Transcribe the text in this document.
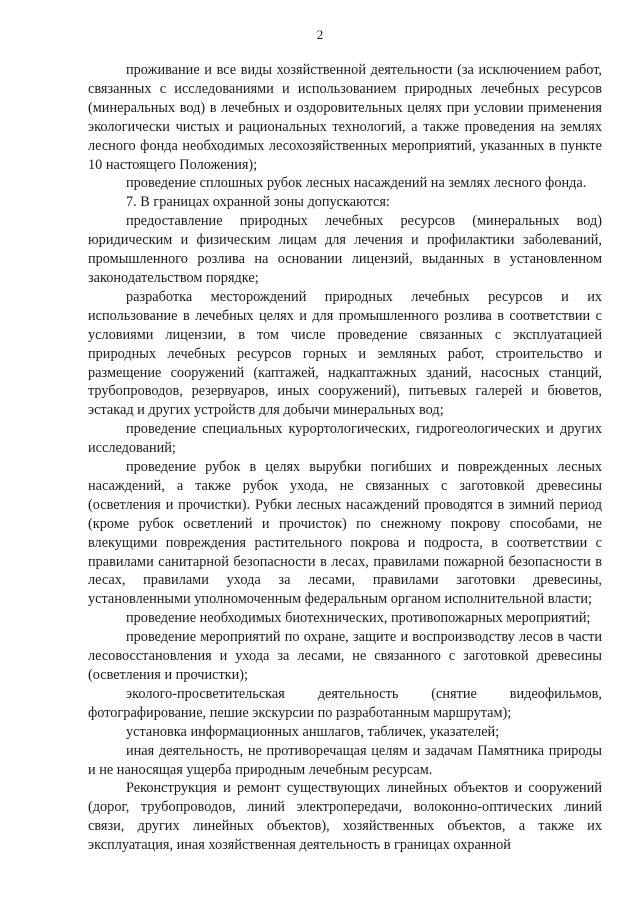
2

проживание и все виды хозяйственной деятельности (за исключением работ, связанных с исследованиями и использованием природных лечебных ресурсов (минеральных вод) в лечебных и оздоровительных целях при условии применения экологически чистых и рациональных технологий, а также проведения на землях лесного фонда необходимых лесохозяйственных мероприятий, указанных в пункте 10 настоящего Положения);

проведение сплошных рубок лесных насаждений на землях лесного фонда.

7. В границах охранной зоны допускаются:

предоставление природных лечебных ресурсов (минеральных вод) юридическим и физическим лицам для лечения и профилактики заболеваний, промышленного розлива на основании лицензий, выданных в установленном законодательством порядке;

разработка месторождений природных лечебных ресурсов и их использование в лечебных целях и для промышленного розлива в соответствии с условиями лицензии, в том числе проведение связанных с эксплуатацией природных лечебных ресурсов горных и земляных работ, строительство и размещение сооружений (каптажей, надкаптажных зданий, насосных станций, трубопроводов, резервуаров, иных сооружений), питьевых галерей и бюветов, эстакад и других устройств для добычи минеральных вод;

проведение специальных курортологических, гидрогеологических и других исследований;

проведение рубок в целях вырубки погибших и поврежденных лесных насаждений, а также рубок ухода, не связанных с заготовкой древесины (осветления и прочистки). Рубки лесных насаждений проводятся в зимний период (кроме рубок осветлений и прочисток) по снежному покрову способами, не влекущими повреждения растительного покрова и подроста, в соответствии с правилами санитарной безопасности в лесах, правилами пожарной безопасности в лесах, правилами ухода за лесами, правилами заготовки древесины, установленными уполномоченным федеральным органом исполнительной власти;

проведение необходимых биотехнических, противопожарных мероприятий;

проведение мероприятий по охране, защите и воспроизводству лесов в части лесовосстановления и ухода за лесами, не связанного с заготовкой древесины (осветления и прочистки);

эколого-просветительская деятельность (снятие видеофильмов, фотографирование, пешие экскурсии по разработанным маршрутам);

установка информационных аншлагов, табличек, указателей;

иная деятельность, не противоречащая целям и задачам Памятника природы и не наносящая ущерба природным лечебным ресурсам.

Реконструкция и ремонт существующих линейных объектов и сооружений (дорог, трубопроводов, линий электропередачи, волоконно-оптических линий связи, других линейных объектов), хозяйственных объектов, а также их эксплуатация, иная хозяйственная деятельность в границах охранной
